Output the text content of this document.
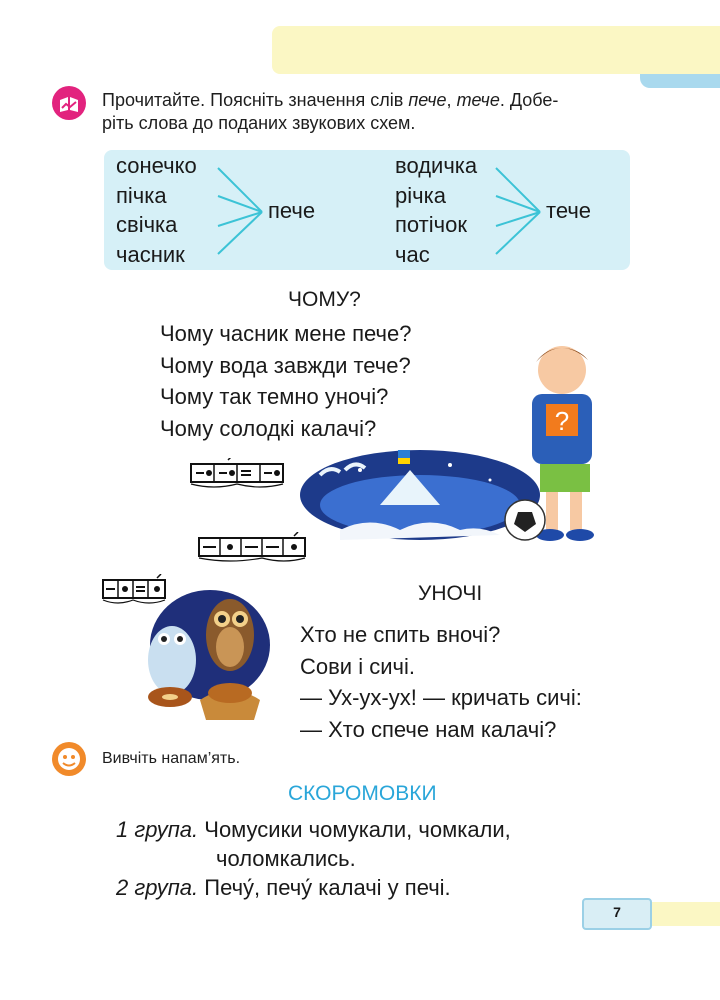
Прочитайте. Поясніть значення слів пече, тече. Добе-
ріть слова до поданих звукових схем.
сонечко
пічка
свічка
часник
водичка
річка
потічок
час
пече	тече
ЧОМУ?
Чому часник мене пече?
Чому вода завжди тече?
Чому так темно уночі?
Чому солодкі калачі?	?
УНОЧІ
Хто не спить вночі?
Сови і сичі.
— Ух-ух-ух! — кричать сичі:
— Хто спече нам калачі?
Вивчіть напам’ять.
СКОРОМОВКИ
1 група. Чомусики чомукали, чомкали,
чоломкались.
2 група. Печу́, печу́ калачі у печі.
7
